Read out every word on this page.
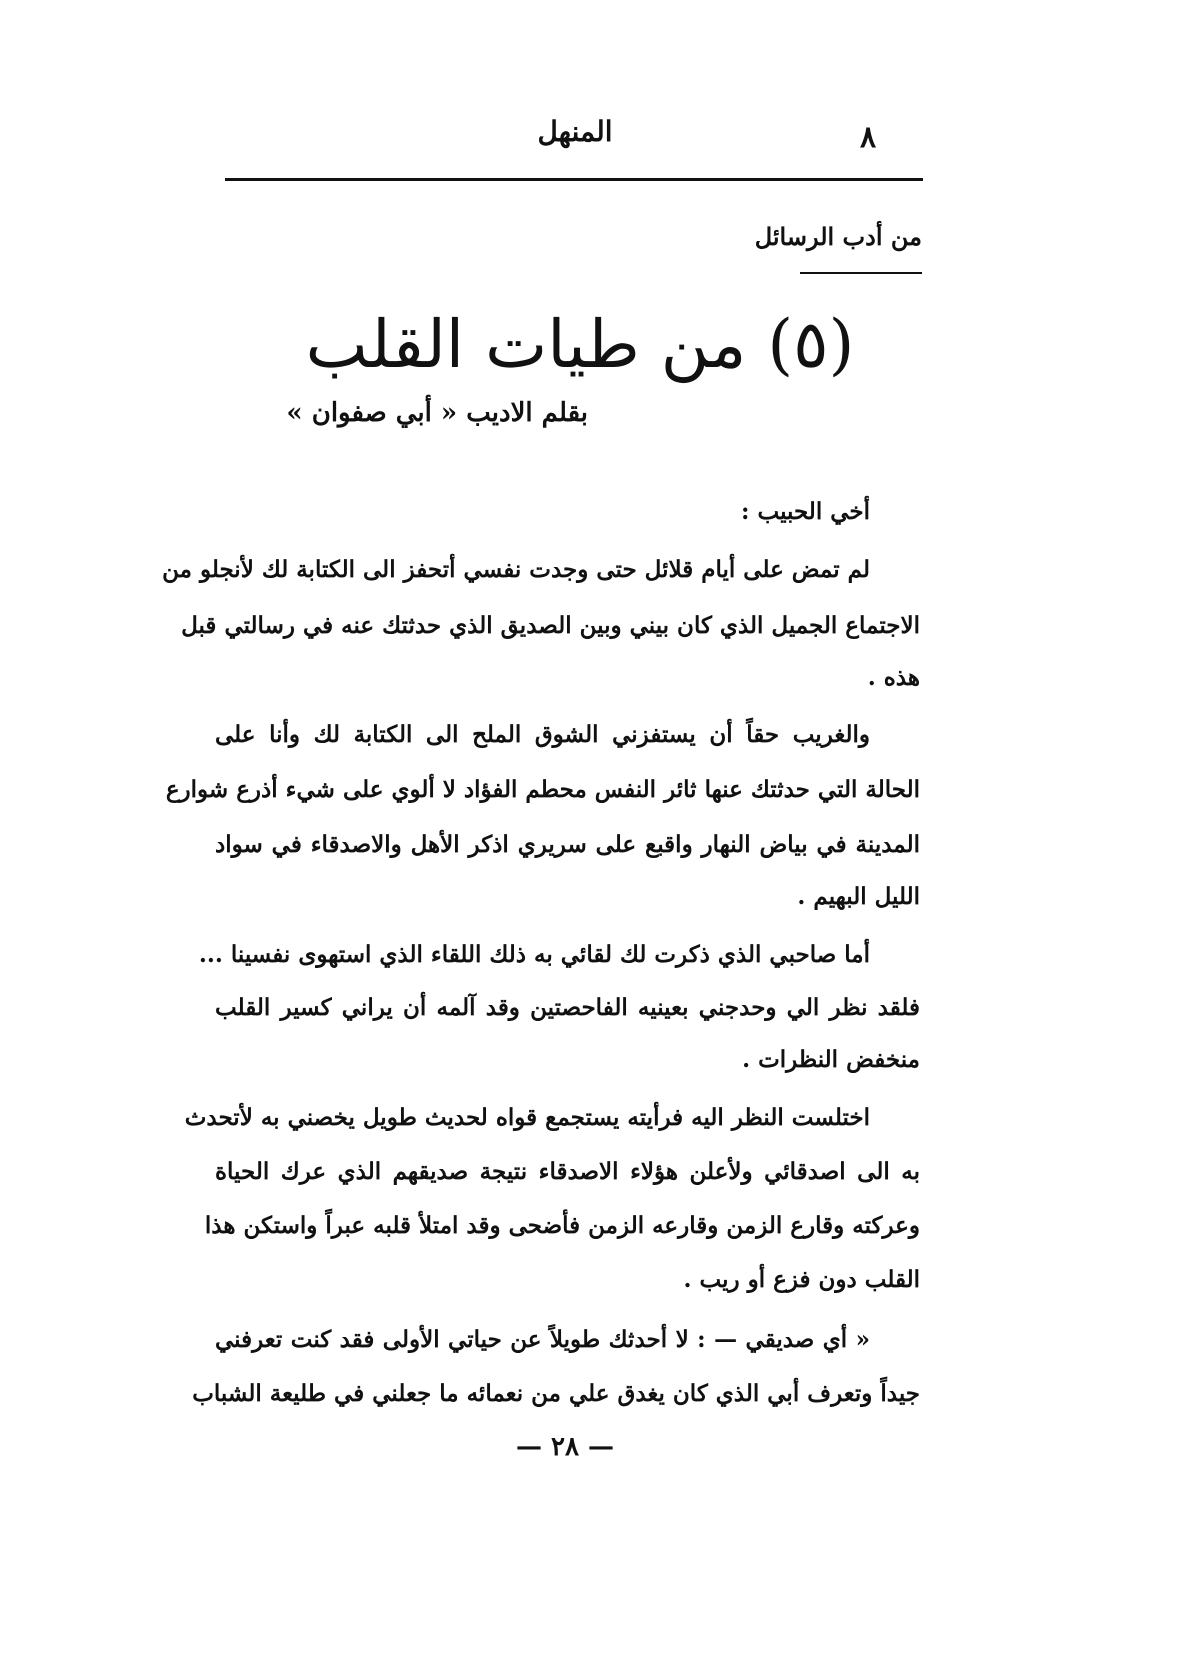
٨
المنهل
من أدب الرسائل
(٥) من طيات القلب
بقلم الاديب « أبي صفوان »
أخي الحبيب :
لم تمض على أيام قلائل حتى وجدت نفسي أتحفز الى الكتابة لك لأنجلو من
الاجتماع الجميل الذي كان بيني وبين الصديق الذي حدثتك عنه في رسالتي قبل
هذه .
والغريب حقاً أن يستفزني الشوق الملح الى الكتابة لك وأنا على
الحالة التي حدثتك عنها ثائر النفس محطم الفؤاد لا ألوي على شيء أذرع شوارع
المدينة في بياض النهار واقبع على سريري اذكر الأهل والاصدقاء في سواد
الليل البهيم .
أما صاحبي الذي ذكرت لك لقائي به ذلك اللقاء الذي استهوى نفسينا ...
فلقد نظر الي وحدجني بعينيه الفاحصتين وقد آلمه أن يراني كسير القلب
منخفض النظرات .
اختلست النظر اليه فرأيته يستجمع قواه لحديث طويل يخصني به لأتحدث
به الى اصدقائي ولأعلن هؤلاء الاصدقاء نتيجة صديقهم الذي عرك الحياة
وعركته وقارع الزمن وقارعه الزمن فأضحى وقد امتلأ قلبه عبراً واستكن هذا
القلب دون فزع أو ريب .
« أي صديقي — : لا أحدثك طويلاً عن حياتي الأولى فقد كنت تعرفني
جيداً وتعرف أبي الذي كان يغدق علي من نعمائه ما جعلني في طليعة الشباب
— ٢٨ —
